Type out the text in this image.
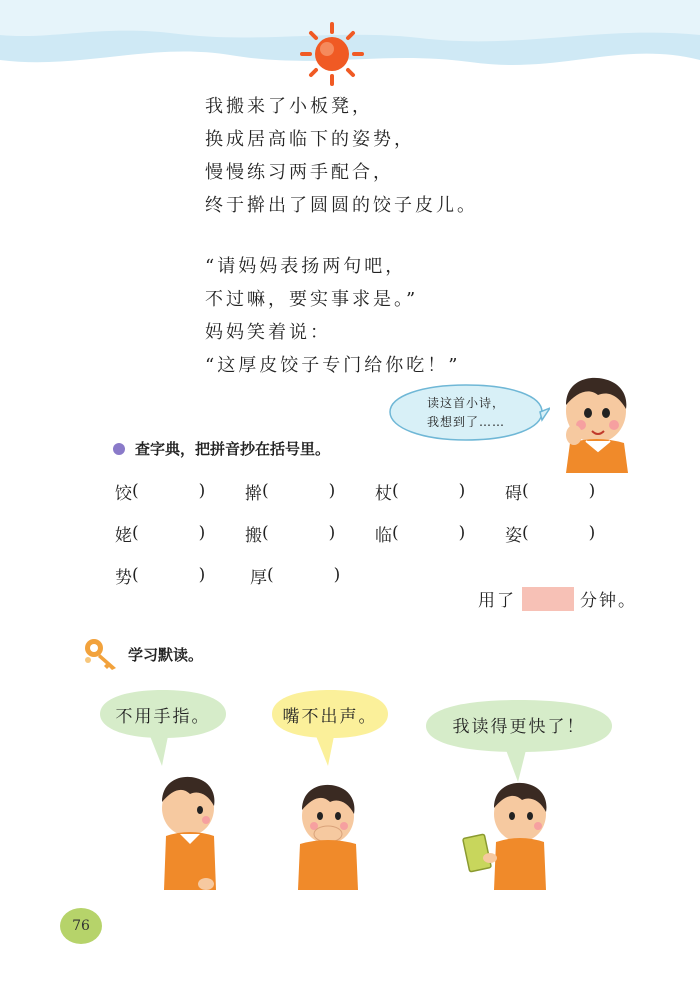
我搬来了小板凳，
换成居高临下的姿势，
慢慢练习两手配合，
终于擀出了圆圆的饺子皮儿。
“请妈妈表扬两句吧，
不过嘛，要实事求是。”
妈妈笑着说：
“这厚皮饺子专门给你吃！”
读这首小诗，
我想到了……
查字典，把拼音抄在括号里。
饺 (	) 擀 (	) 杖 (	) 碍 (	)
姥 (	) 搬 (	) 临 (	) 姿 (	)
势 (	)	厚 (	)
用了	分钟。
学习默读。
不用手指。	嘴不出声。	我读得更快了！
76
